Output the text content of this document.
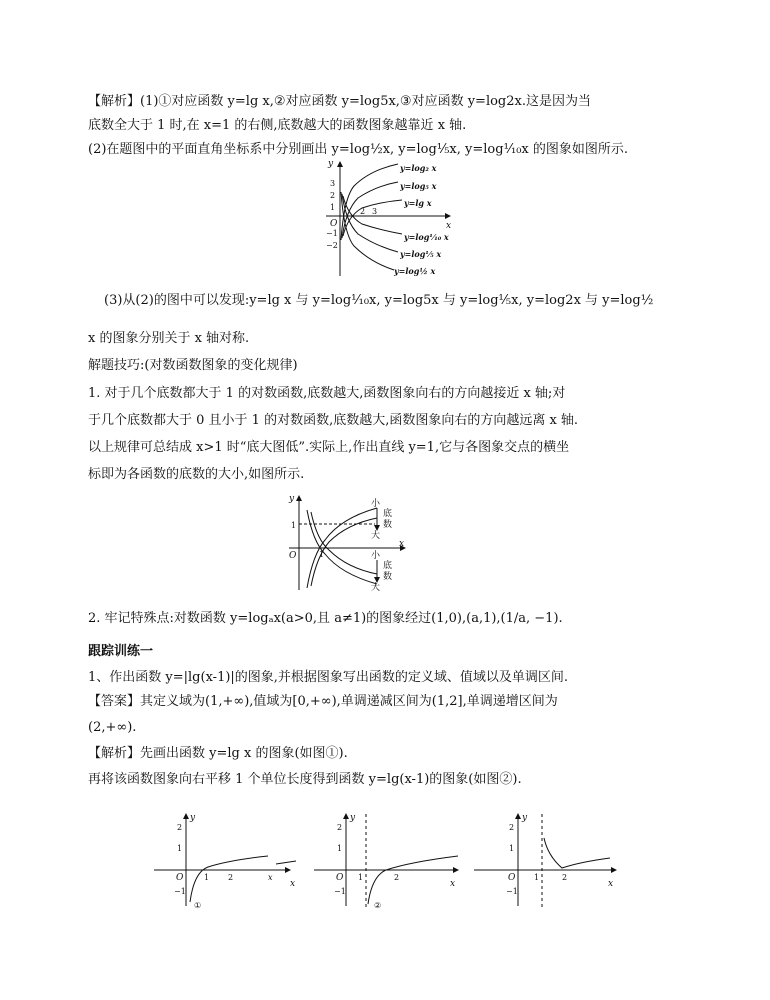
【解析】(1)①对应函数 y=lg x,②对应函数 y=log5x,③对应函数 y=log2x.这是因为当
底数全大于 1 时,在 x=1 的右侧,底数越大的函数图象越靠近 x 轴.
(2)在题图中的平面直角坐标系中分别画出 y=log½x, y=log⅕x, y=log⅒x 的图象如图所示.
y
x
O
3
2
1
−1
−2
2 3
y=log₂ x
y=log₅ x
y=lg x
y=log⅒ x
y=log⅕ x
y=log½ x
(3)从(2)的图中可以发现:y=lg x 与 y=log⅒x, y=log5x 与 y=log⅕x, y=log2x 与 y=log½
x 的图象分别关于 x 轴对称.
解题技巧:(对数函数图象的变化规律)
1. 对于几个底数都大于 1 的对数函数,底数越大,函数图象向右的方向越接近 x 轴;对
于几个底数都大于 0 且小于 1 的对数函数,底数越大,函数图象向右的方向越远离 x 轴.
以上规律可总结成 x>1 时“底大图低”.实际上,作出直线 y=1,它与各图象交点的横坐
标即为各函数的底数的大小,如图所示.
y
x
O
1
1
小
底
数
大
小
底
数
大
2. 牢记特殊点:对数函数 y=logₐx(a>0,且 a≠1)的图象经过(1,0),(a,1),(1/a, −1).
跟踪训练一
1、作出函数 y=|lg(x-1)|的图象,并根据图象写出函数的定义域、值域以及单调区间.
【答案】其定义域为(1,+∞),值域为[0,+∞),单调递减区间为(1,2],单调递增区间为
(2,+∞).
【解析】先画出函数 y=lg x 的图象(如图①).
再将该函数图象向右平移 1 个单位长度得到函数 y=lg(x-1)的图象(如图②).
y
x
2
1
O
−1
1 2	x
①
y
2
1
O
−1
1	2
x
②
y
2
1
O
−1
1	2
x
